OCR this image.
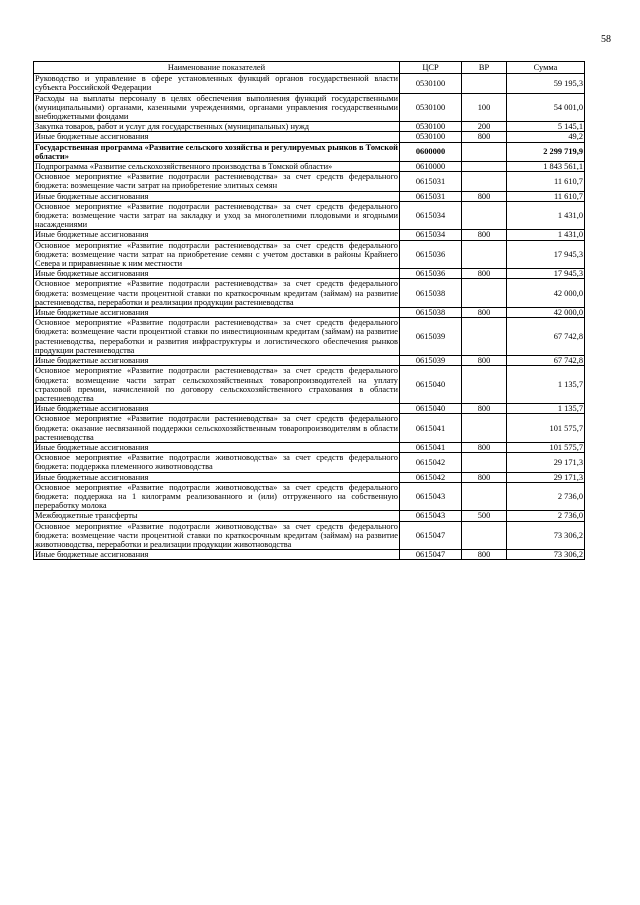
58
Наименование показателей	ЦСР	ВР	Сумма
Руководство и управление в сфере установленных функций органов государственной власти субъекта Российской Федерации	0530100		59 195,3
Расходы на выплаты персоналу в целях обеспечения выполнения функций государственными (муниципальными) органами, казенными учреждениями, органами управления государственными внебюджетными фондами	0530100	100	54 001,0
Закупка товаров, работ и услуг для государственных (муниципальных) нужд	0530100	200	5 145,1
Иные бюджетные ассигнования	0530100	800	49,2
Государственная программа «Развитие сельского хозяйства и регулируемых рынков в Томской области»	0600000		2 299 719,9
Подпрограмма «Развитие сельскохозяйственного производства в Томской области»	0610000		1 843 561,1
Основное мероприятие «Развитие подотрасли растениеводства» за счет средств федерального бюджета: возмещение части затрат на приобретение элитных семян	0615031		11 610,7
Иные бюджетные ассигнования	0615031	800	11 610,7
Основное мероприятие «Развитие подотрасли растениеводства» за счет средств федерального бюджета: возмещение части затрат на закладку и уход за многолетними плодовыми и ягодными насаждениями	0615034		1 431,0
Иные бюджетные ассигнования	0615034	800	1 431,0
Основное мероприятие «Развитие подотрасли растениеводства» за счет средств федерального бюджета: возмещение части затрат на приобретение семян с учетом доставки в районы Крайнего Севера и приравненные к ним местности	0615036		17 945,3
Иные бюджетные ассигнования	0615036	800	17 945,3
Основное мероприятие «Развитие подотрасли растениеводства» за счет средств федерального бюджета: возмещение части процентной ставки по краткосрочным кредитам (займам) на развитие растениеводства, переработки и реализации продукции растениеводства	0615038		42 000,0
Иные бюджетные ассигнования	0615038	800	42 000,0
Основное мероприятие «Развитие подотрасли растениеводства» за счет средств федерального бюджета: возмещение части процентной ставки по инвестиционным кредитам (займам) на развитие растениеводства, переработки и развития инфраструктуры и логистического обеспечения рынков продукции растениеводства	0615039		67 742,8
Иные бюджетные ассигнования	0615039	800	67 742,8
Основное мероприятие «Развитие подотрасли растениеводства» за счет средств федерального бюджета: возмещение части затрат сельскохозяйственных товаропроизводителей на уплату страховой премии, начисленной по договору сельскохозяйственного страхования в области растениеводства	0615040		1 135,7
Иные бюджетные ассигнования	0615040	800	1 135,7
Основное мероприятие «Развитие подотрасли растениеводства» за счет средств федерального бюджета: оказание несвязанной поддержки сельскохозяйственным товаропроизводителям в области растениеводства	0615041		101 575,7
Иные бюджетные ассигнования	0615041	800	101 575,7
Основное мероприятие «Развитие подотрасли животноводства» за счет средств федерального бюджета: поддержка племенного животноводства	0615042		29 171,3
Иные бюджетные ассигнования	0615042	800	29 171,3
Основное мероприятие «Развитие подотрасли животноводства» за счет средств федерального бюджета: поддержка на 1 килограмм реализованного и (или) отгруженного на собственную переработку молока	0615043		2 736,0
Межбюджетные трансферты	0615043	500	2 736,0
Основное мероприятие «Развитие подотрасли животноводства» за счет средств федерального бюджета: возмещение части процентной ставки по краткосрочным кредитам (займам) на развитие животноводства, переработки и реализации продукции животноводства	0615047		73 306,2
Иные бюджетные ассигнования	0615047	800	73 306,2
